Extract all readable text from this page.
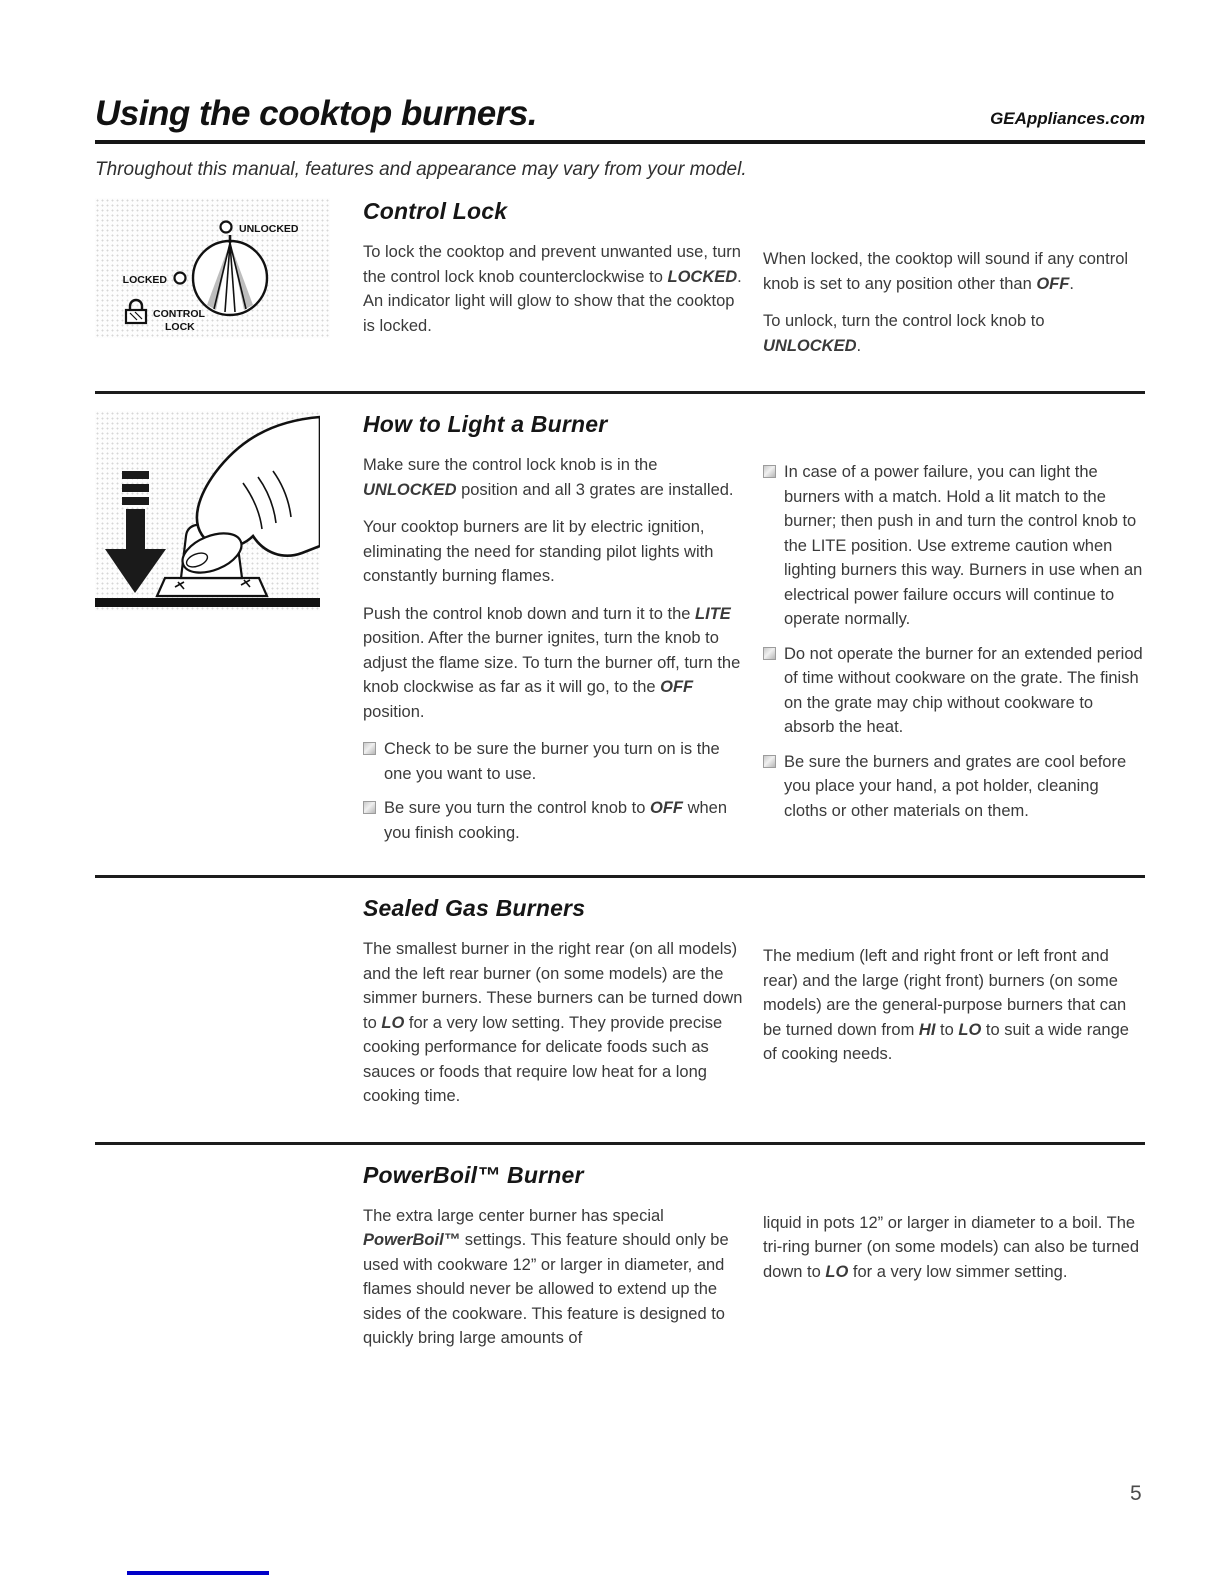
Using the cooktop burners.	GEAppliances.com

Throughout this manual, features and appearance may vary from your model.

UNLOCKED
LOCKED
CONTROL
LOCK
Control Lock

To lock the cooktop and prevent unwanted use, turn the control lock knob counterclockwise to LOCKED. An indicator light will glow to show that the cooktop is locked.

When locked, the cooktop will sound if any control knob is set to any position other than OFF.

To unlock, turn the control lock knob to UNLOCKED.

How to Light a Burner

Make sure the control lock knob is in the UNLOCKED position and all 3 grates are installed.

Your cooktop burners are lit by electric ignition, eliminating the need for standing pilot lights with constantly burning flames.

Push the control knob down and turn it to the LITE position. After the burner ignites, turn the knob to adjust the flame size. To turn the burner off, turn the knob clockwise as far as it will go, to the OFF position.

Check to be sure the burner you turn on is the one you want to use.

Be sure you turn the control knob to OFF when you finish cooking.

In case of a power failure, you can light the burners with a match. Hold a lit match to the burner; then push in and turn the control knob to the LITE position. Use extreme caution when lighting burners this way. Burners in use when an electrical power failure occurs will continue to operate normally.

Do not operate the burner for an extended period of time without cookware on the grate. The finish on the grate may chip without cookware to absorb the heat.

Be sure the burners and grates are cool before you place your hand, a pot holder, cleaning cloths or other materials on them.

Sealed Gas Burners

The smallest burner in the right rear (on all models) and the left rear burner (on some models) are the simmer burners. These burners can be turned down to LO for a very low setting. They provide precise cooking performance for delicate foods such as sauces or foods that require low heat for a long cooking time.

The medium (left and right front or left front and rear) and the large (right front) burners (on some models) are the general-purpose burners that can be turned down from HI to LO to suit a wide range of cooking needs.

PowerBoil™ Burner

The extra large center burner has special PowerBoil™ settings. This feature should only be used with cookware 12” or larger in diameter, and flames should never be allowed to extend up the sides of the cookware. This feature is designed to quickly bring large amounts of

liquid in pots 12” or larger in diameter to a boil. The tri-ring burner (on some models) can also be turned down to LO for a very low simmer setting.

5
